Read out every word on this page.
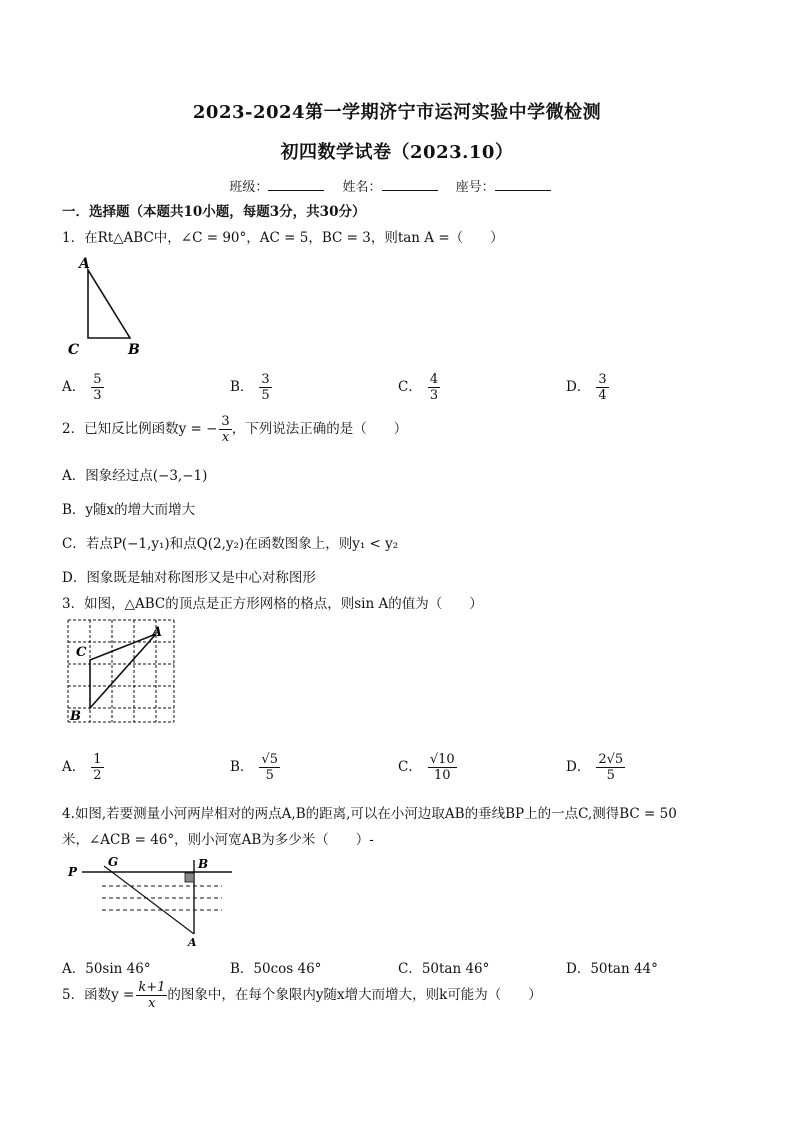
2023-2024第一学期济宁市运河实验中学微检测
初四数学试卷（2023.10）
班级：	姓名：	座号：
一．选择题（本题共10小题，每题3分，共30分）
1．在Rt△ABC中，∠C = 90°，AC = 5，BC = 3，则tan A =（　　）
A
C	B
A． $\frac{5}{3}$	B． $\frac{3}{5}$	C． $\frac{4}{3}$	D． $\frac{3}{4}$
2．已知反比例函数y = − $\frac{3}{x}$ ，下列说法正确的是（　　）
A．图象经过点(−3,−1)
B．y随x的增大而增大
C．若点P(−1,y₁)和点Q(2,y₂)在函数图象上，则y₁ < y₂
D．图象既是轴对称图形又是中心对称图形
3．如图，△ABC的顶点是正方形网格的格点，则sin A的值为（　　）
A
C
B
A． $\frac{1}{2}$	B． $\frac{√5}{5}$	C． $\frac{√10}{10}$	D． $\frac{2√5}{5}$
4.如图,若要测量小河两岸相对的两点A,B的距离,可以在小河边取AB的垂线BP上的一点C,测得BC = 50
米，∠ACB = 46°，则小河宽AB为多少米（　　）-
P
G	B
A
A．50sin 46°	B．50cos 46°	C．50tan 46°	D．50tan 44°
5．函数$y = \frac{k+1}{x}$ 的图象中，在每个象限内y随x增大而增大，则k可能为（　　）
